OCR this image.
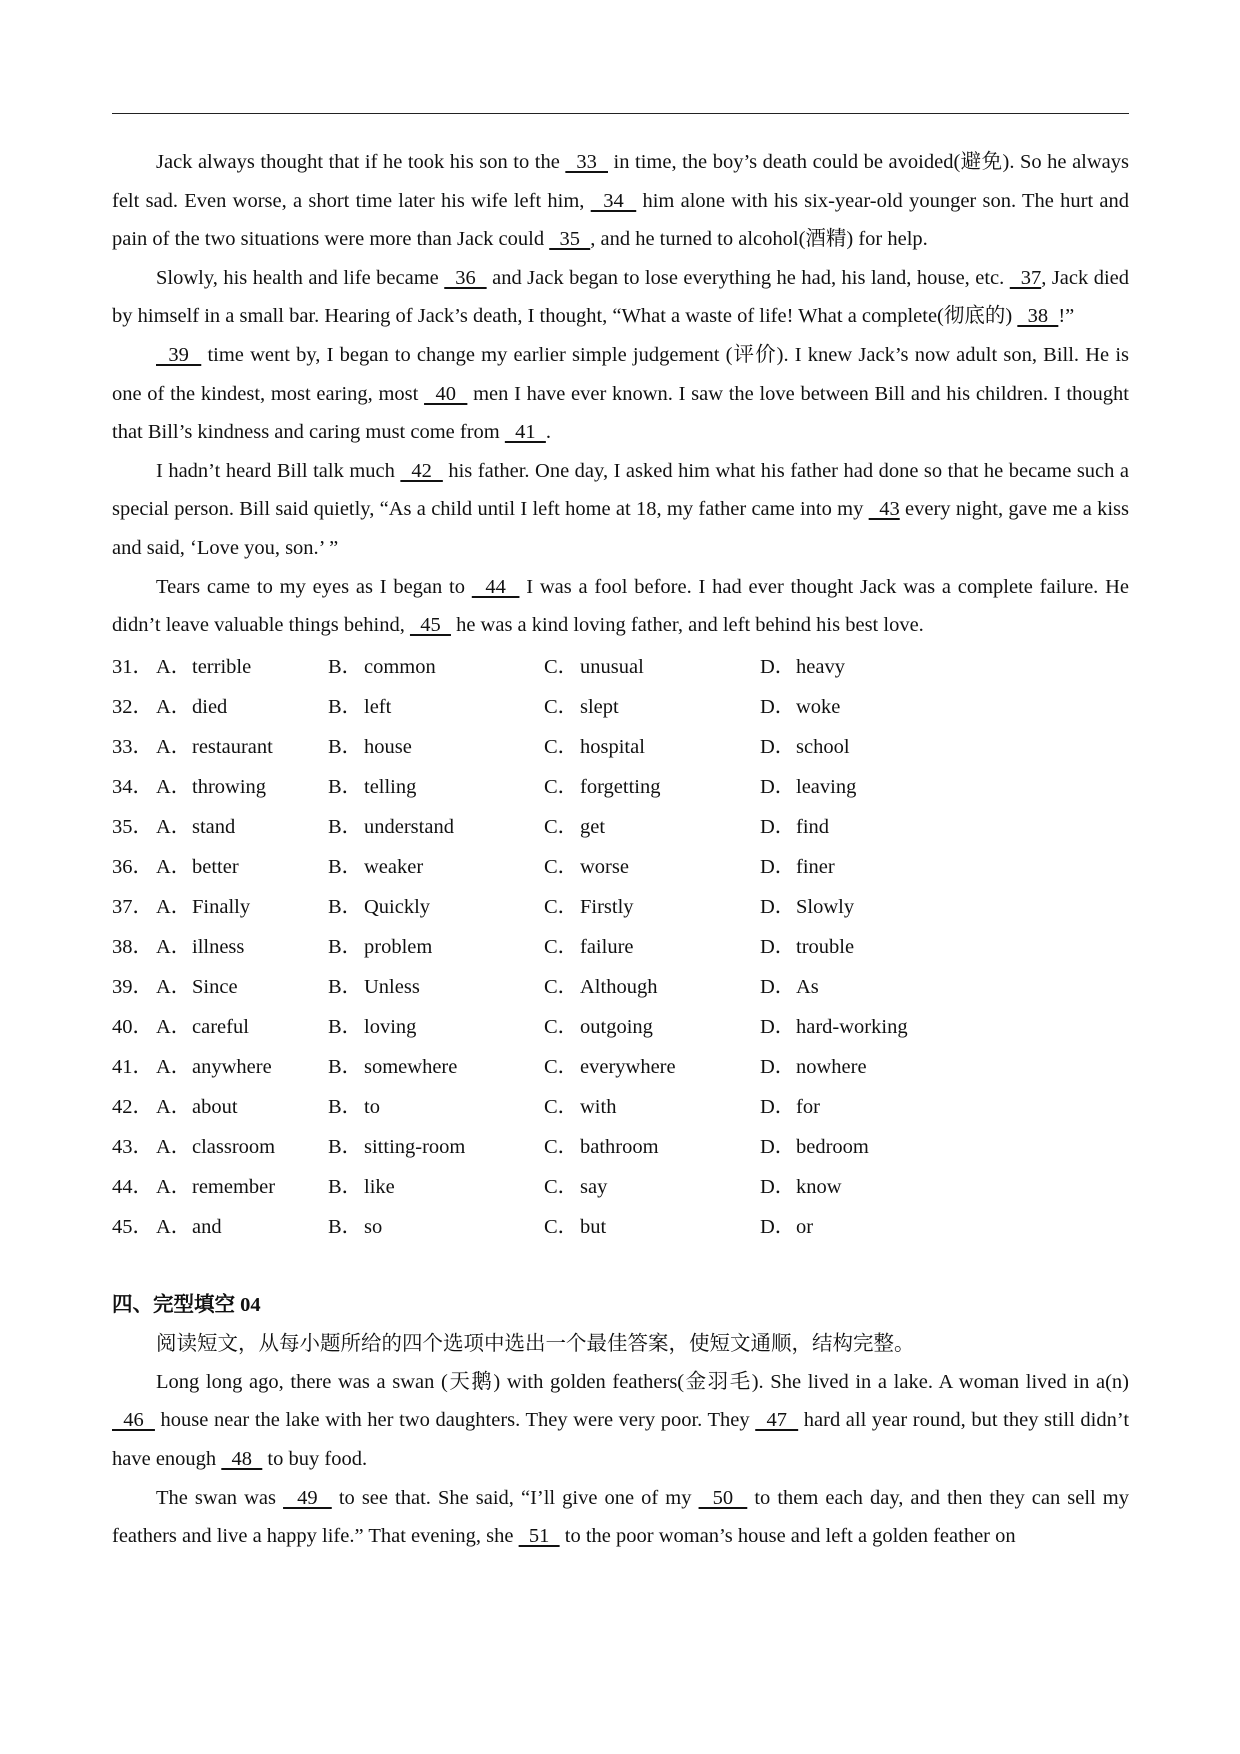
Jack always thought that if he took his son to the   33   in time, the boy’s death could be avoided(避免). So he always felt sad. Even worse, a short time later his wife left him,   34   him alone with his six-year-old younger son. The hurt and pain of the two situations were more than Jack could   35  , and he turned to alcohol(酒精) for help.

Slowly, his health and life became   36   and Jack began to lose everything he had, his land, house, etc.   37, Jack died by himself in a small bar. Hearing of Jack’s death, I thought, “What a waste of life! What a complete(彻底的)   38  !”

39   time went by, I began to change my earlier simple judgement (评价). I knew Jack’s now adult son, Bill. He is one of the kindest, most earing, most   40   men I have ever known. I saw the love between Bill and his children. I thought that Bill’s kindness and caring must come from   41  .

I hadn’t heard Bill talk much   42   his father. One day, I asked him what his father had done so that he became such a special person. Bill said quietly, “As a child until I left home at 18, my father came into my   43 every night, gave me a kiss and said, ‘Love you, son.’ ”

Tears came to my eyes as I began to   44   I was a fool before. I had ever thought Jack was a complete failure. He didn’t leave valuable things behind,   45   he was a kind loving father, and left behind his best love.

31． A． terrible	B． common	C． unusual	D． heavy
32． A． died	B． left	C． slept	D． woke
33． A． restaurant	B． house	C． hospital	D． school
34． A． throwing	B． telling	C． forgetting	D． leaving
35． A． stand	B． understand	C． get	D． find
36． A． better	B． weaker	C． worse	D． finer
37． A． Finally	B． Quickly	C． Firstly	D． Slowly
38． A． illness	B． problem	C． failure	D． trouble
39． A． Since	B． Unless	C． Although	D． As
40． A． careful	B． loving	C． outgoing	D． hard-working
41． A． anywhere	B． somewhere	C． everywhere	D． nowhere
42． A． about	B． to	C． with	D． for
43． A． classroom	B． sitting-room	C． bathroom	D． bedroom
44． A． remember	B． like	C． say	D． know
45． A． and	B． so	C． but	D． or
四、完型填空 04

阅读短文，从每小题所给的四个选项中选出一个最佳答案，使短文通顺，结构完整。

Long long ago, there was a swan (天鹅) with golden feathers(金羽毛). She lived in a lake. A woman lived in a(n)   46   house near the lake with her two daughters. They were very poor. They   47   hard all year round, but they still didn’t have enough   48   to buy food.

The swan was   49   to see that. She said, “I’ll give one of my   50   to them each day, and then they can sell my feathers and live a happy life.” That evening, she   51   to the poor woman’s house and left a golden feather on
